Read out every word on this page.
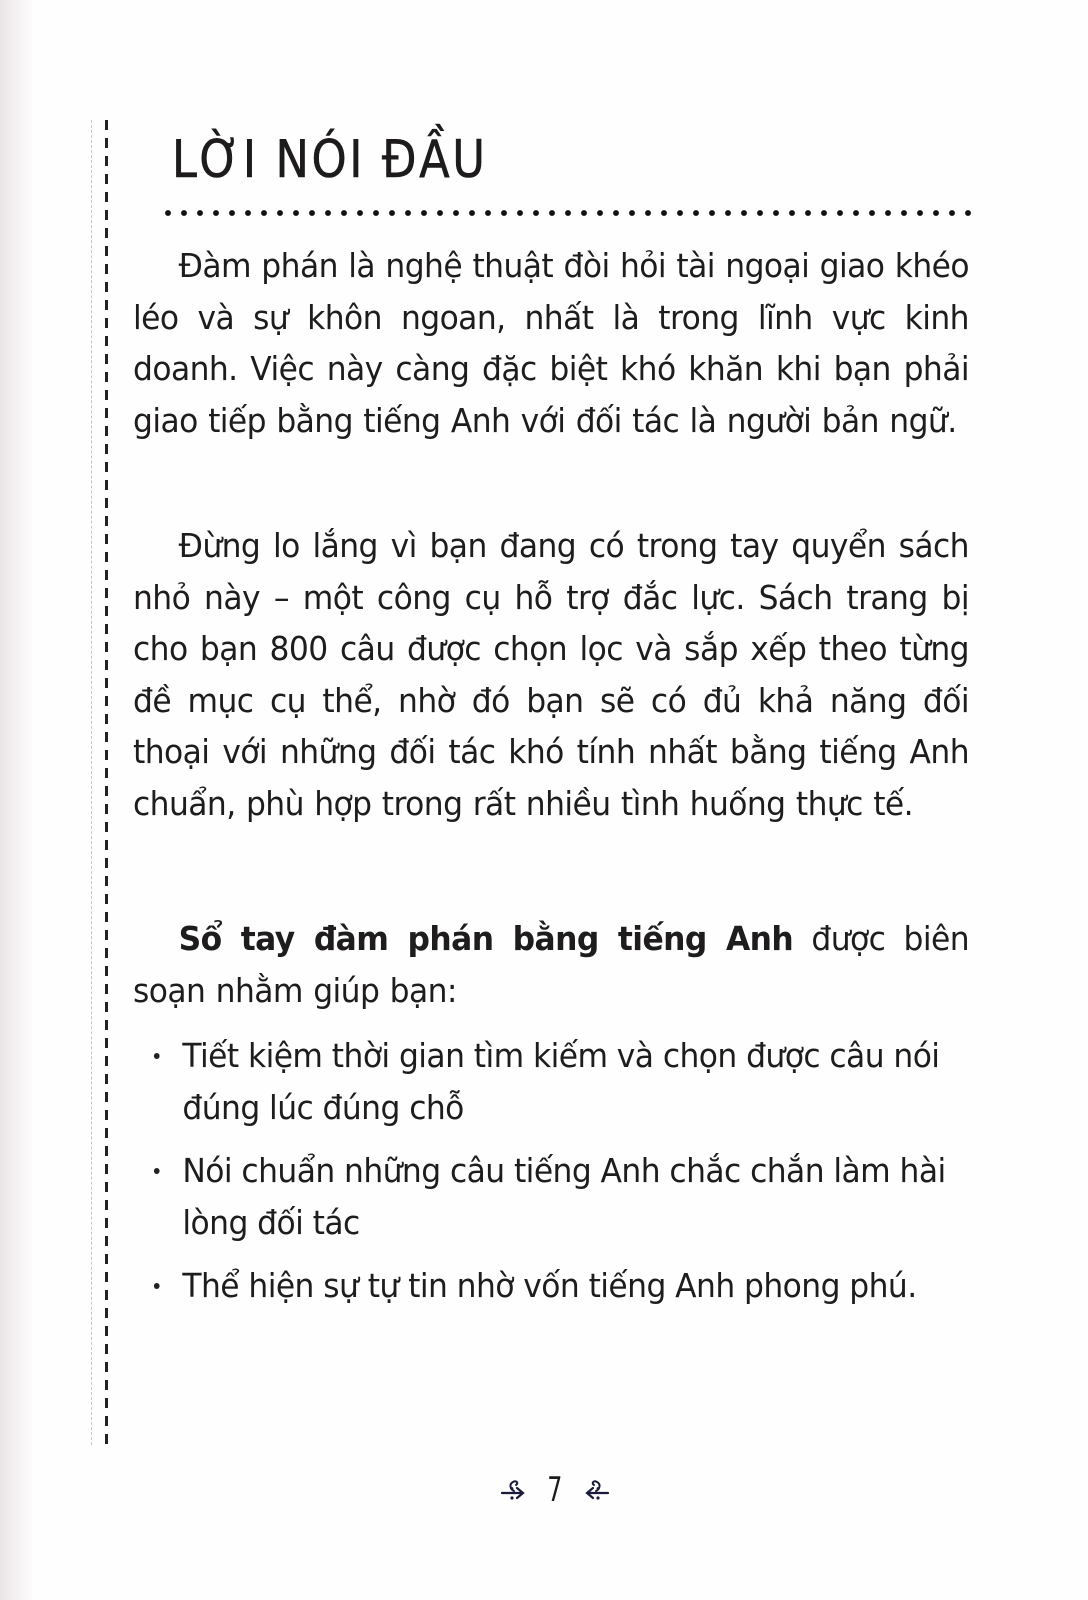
LỜI NÓI ĐẦU

Đàm phán là nghệ thuật đòi hỏi tài ngoại giao khéo léo và sự khôn ngoan, nhất là trong lĩnh vực kinh doanh. Việc này càng đặc biệt khó khăn khi bạn phải giao tiếp bằng tiếng Anh với đối tác là người bản ngữ.

Đừng lo lắng vì bạn đang có trong tay quyển sách nhỏ này – một công cụ hỗ trợ đắc lực. Sách trang bị cho bạn 800 câu được chọn lọc và sắp xếp theo từng đề mục cụ thể, nhờ đó bạn sẽ có đủ khả năng đối thoại với những đối tác khó tính nhất bằng tiếng Anh chuẩn, phù hợp trong rất nhiều tình huống thực tế.

Sổ tay đàm phán bằng tiếng Anh được biên soạn nhằm giúp bạn:

Tiết kiệm thời gian tìm kiếm và chọn được câu nói đúng lúc đúng chỗ
Nói chuẩn những câu tiếng Anh chắc chắn làm hài lòng đối tác
Thể hiện sự tự tin nhờ vốn tiếng Anh phong phú.
7
